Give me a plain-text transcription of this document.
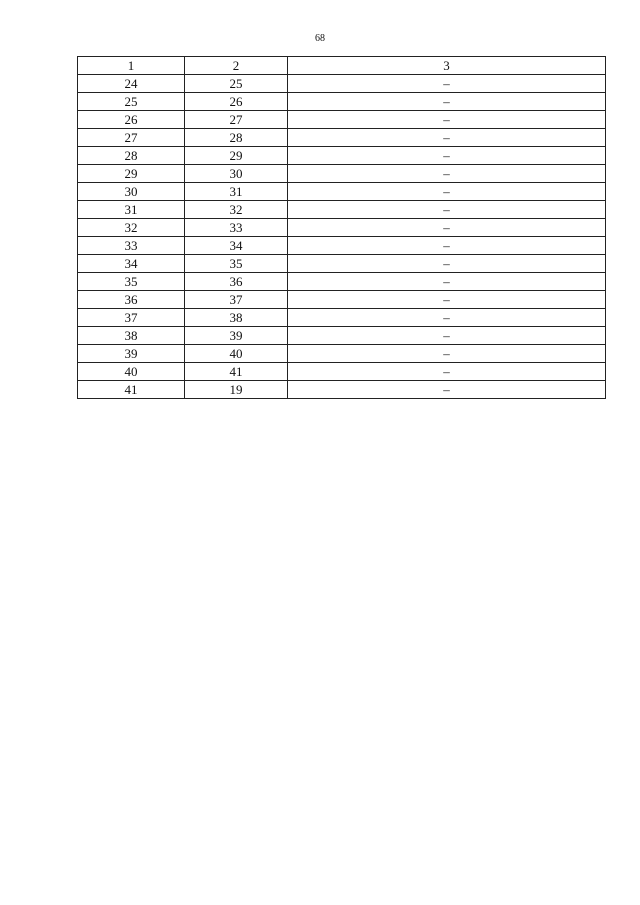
68
1	2	3
24	25	–
25	26	–
26	27	–
27	28	–
28	29	–
29	30	–
30	31	–
31	32	–
32	33	–
33	34	–
34	35	–
35	36	–
36	37	–
37	38	–
38	39	–
39	40	–
40	41	–
41	19	–
